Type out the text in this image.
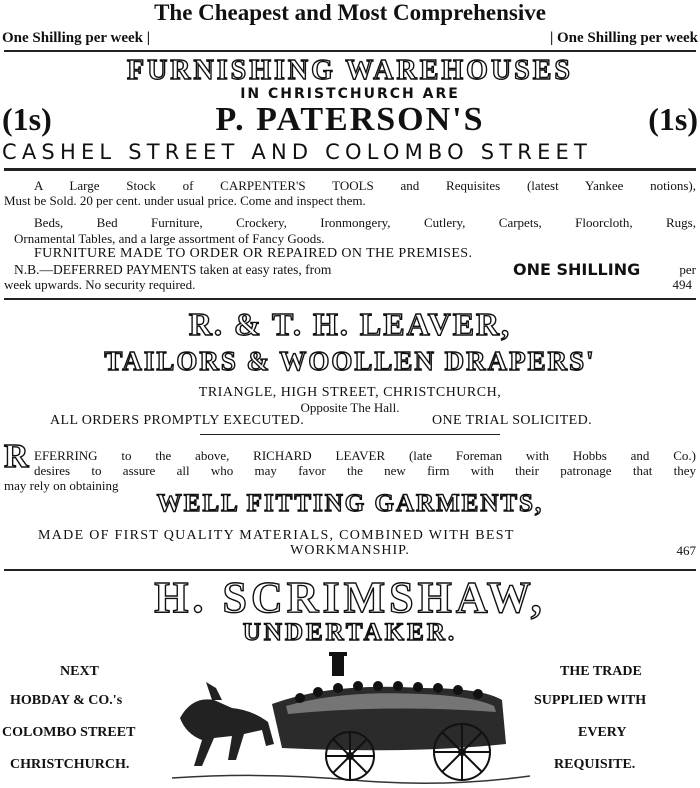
The Cheapest and Most Comprehensive
One Shilling per week |	| One Shilling per week
FURNISHING WAREHOUSES
IN CHRISTCHURCH ARE
(1s)	P. PATERSON'S	(1s)
CASHEL STREET AND COLOMBO STREET
A Large Stock of CARPENTER'S TOOLS and Requisites (latest Yankee notions),
Must be Sold. 20 per cent. under usual price. Come and inspect them.
Beds, Bed Furniture, Crockery, Ironmongery, Cutlery, Carpets, Floorcloth, Rugs,
Ornamental Tables, and a large assortment of Fancy Goods.
FURNITURE MADE TO ORDER OR REPAIRED ON THE PREMISES.
N.B.—DEFERRED PAYMENTS taken at easy rates, from	ONE SHILLING	per
week upwards. No security required.	494
R. & T. H. LEAVER,
TAILORS & WOOLLEN DRAPERS'
TRIANGLE, HIGH STREET, CHRISTCHURCH,
Opposite The Hall.
ALL ORDERS PROMPTLY EXECUTED.	ONE TRIAL SOLICITED.
R EFERRING to the above, RICHARD LEAVER (late Foreman with Hobbs and Co.)
desires to assure all who may favor the new firm with their patronage that they
may rely on obtaining
WELL FITTING GARMENTS,
MADE OF FIRST QUALITY MATERIALS, COMBINED WITH BEST
WORKMANSHIP.	467
H. SCRIMSHAW,
UNDERTAKER.
NEXT
HOBDAY & CO.'s
COLOMBO STREET
CHRISTCHURCH.
THE TRADE
SUPPLIED WITH
EVERY
REQUISITE.
